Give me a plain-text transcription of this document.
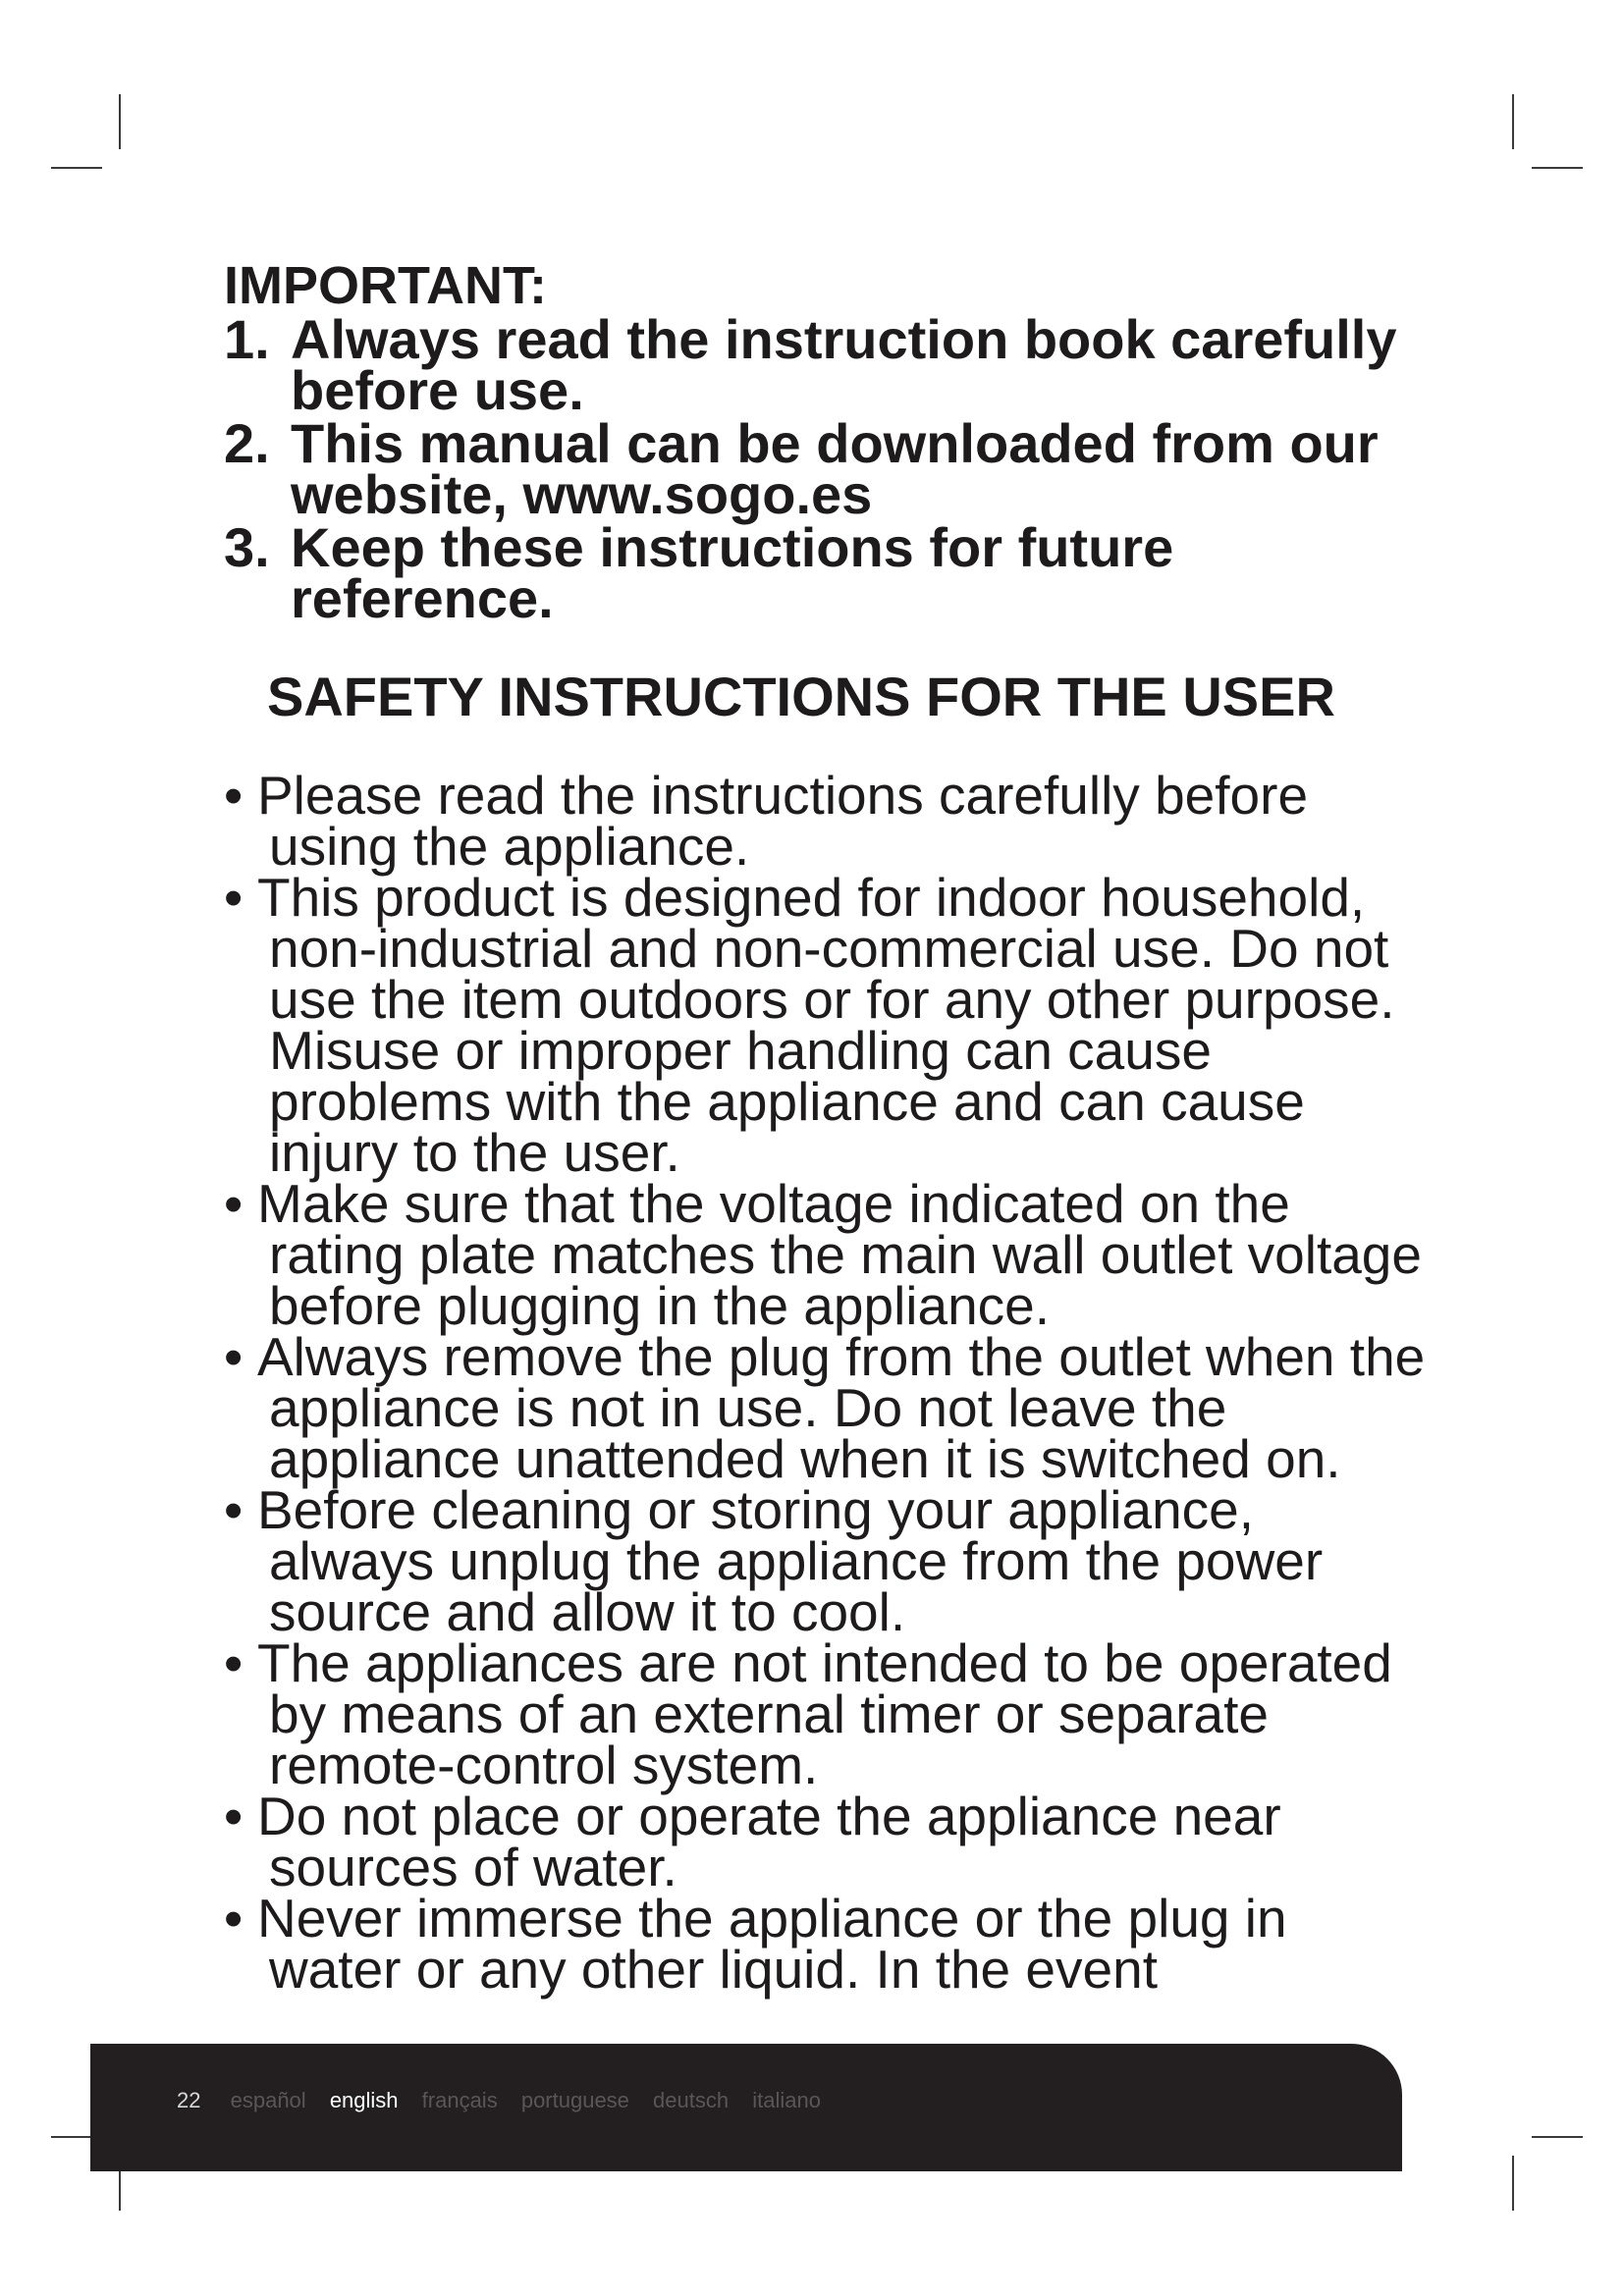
IMPORTANT:
1. Always read the instruction book carefully before use.
2. This manual can be downloaded from our website, www.sogo.es
3. Keep these instructions for future reference.
SAFETY INSTRUCTIONS FOR THE USER
• Please read the instructions carefully before using the appliance.
• This product is designed for indoor household, non-industrial and non-commercial use. Do not use the item outdoors or for any other purpose. Misuse or improper handling can cause problems with the appliance and can cause injury to the user.
• Make sure that the voltage indicated on the rating plate matches the main wall outlet voltage before plugging in the appliance.
• Always remove the plug from the outlet when the appliance is not in use. Do not leave the appliance unattended when it is switched on.
• Before cleaning or storing your appliance, always unplug the appliance from the power source and allow it to cool.
• The appliances are not intended to be operated by means of an external timer or separate remote-control system.
• Do not place or operate the appliance near sources of water.
• Never immerse the appliance or the plug in water or any other liquid. In the event
22 español english français portuguese deutsch italiano
